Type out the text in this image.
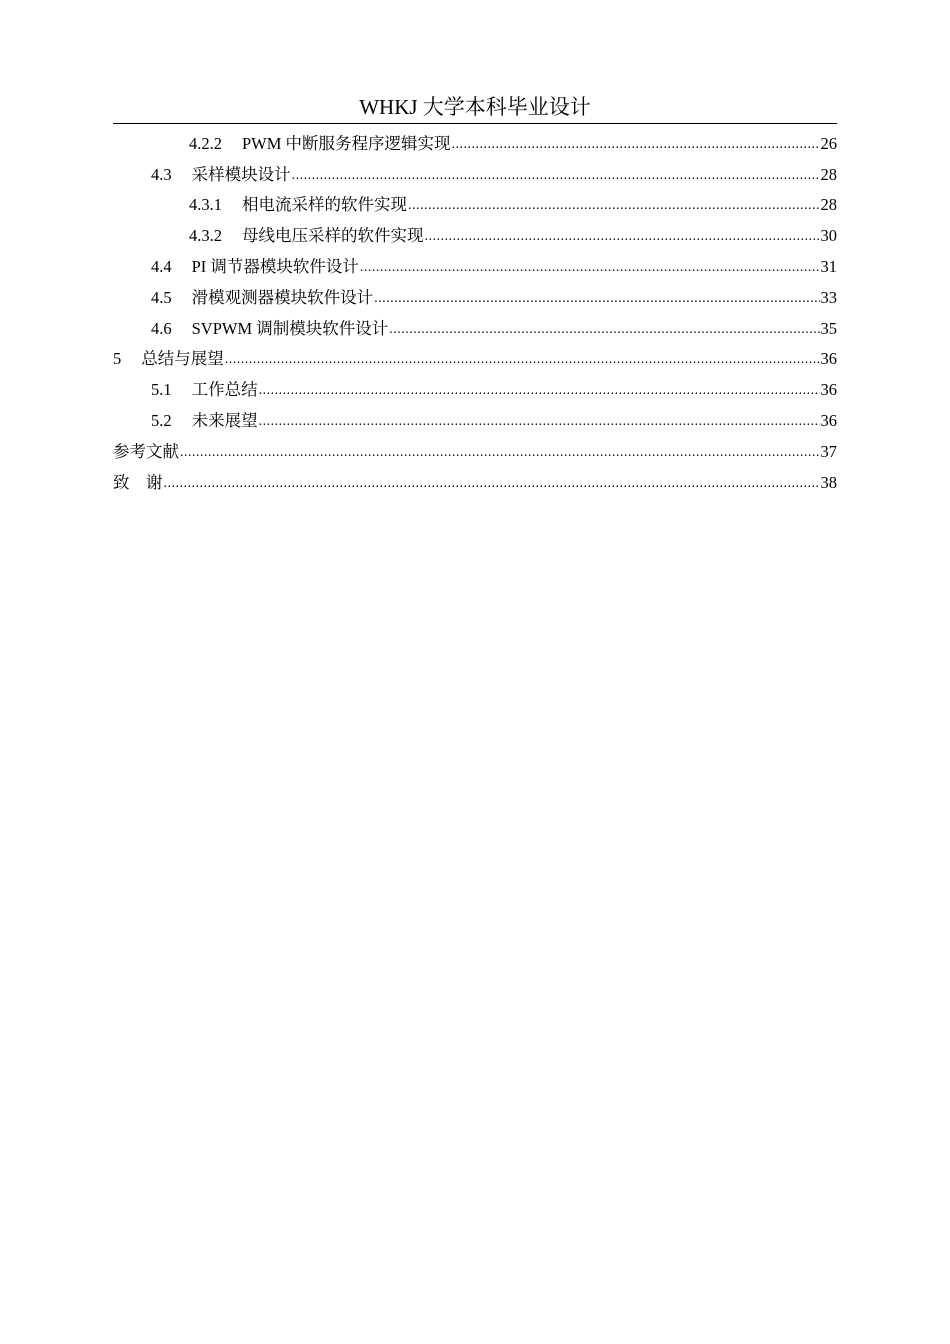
WHKJ 大学本科毕业设计
4.2.2 PWM 中断服务程序逻辑实现 .....	26
4.3 采样模块设计 .....	28
4.3.1 相电流采样的软件实现 .....	28
4.3.2 母线电压采样的软件实现 .....	30
4.4 PI 调节器模块软件设计 .....	31
4.5 滑模观测器模块软件设计 .....	33
4.6 SVPWM 调制模块软件设计 .....	35
5 总结与展望 .....	36
5.1 工作总结 .....	36
5.2 未来展望 .....	36
参考文献 .....	37
致　谢 .....	38
